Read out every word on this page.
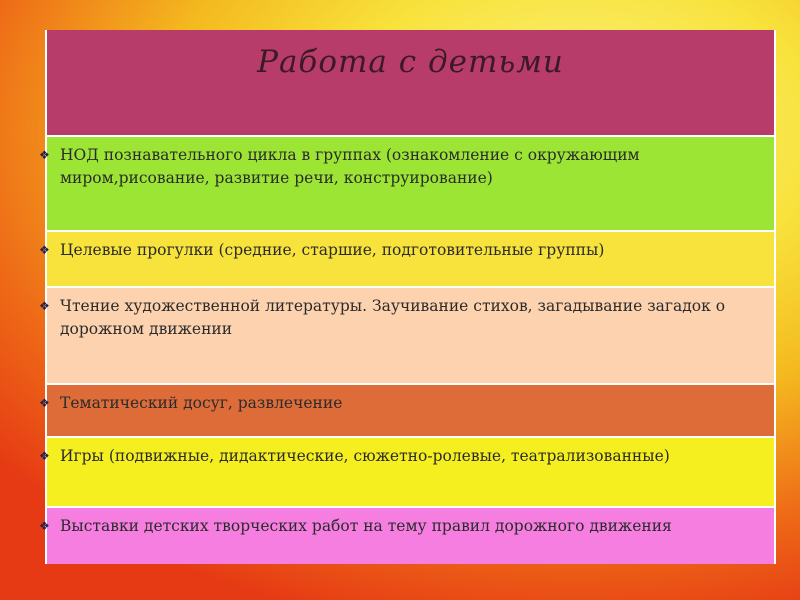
Работа с детьми
❖ НОД познавательного цикла в группах (ознакомление с окружающим миром,рисование, развитие речи, конструирование)
❖ Целевые прогулки (средние, старшие, подготовительные группы)
❖ Чтение художественной литературы. Заучивание стихов, загадывание загадок о дорожном движении
❖ Тематический досуг, развлечение
❖ Игры (подвижные, дидактические, сюжетно-ролевые, театрализованные)
❖ Выставки детских творческих работ на тему правил дорожного движения
